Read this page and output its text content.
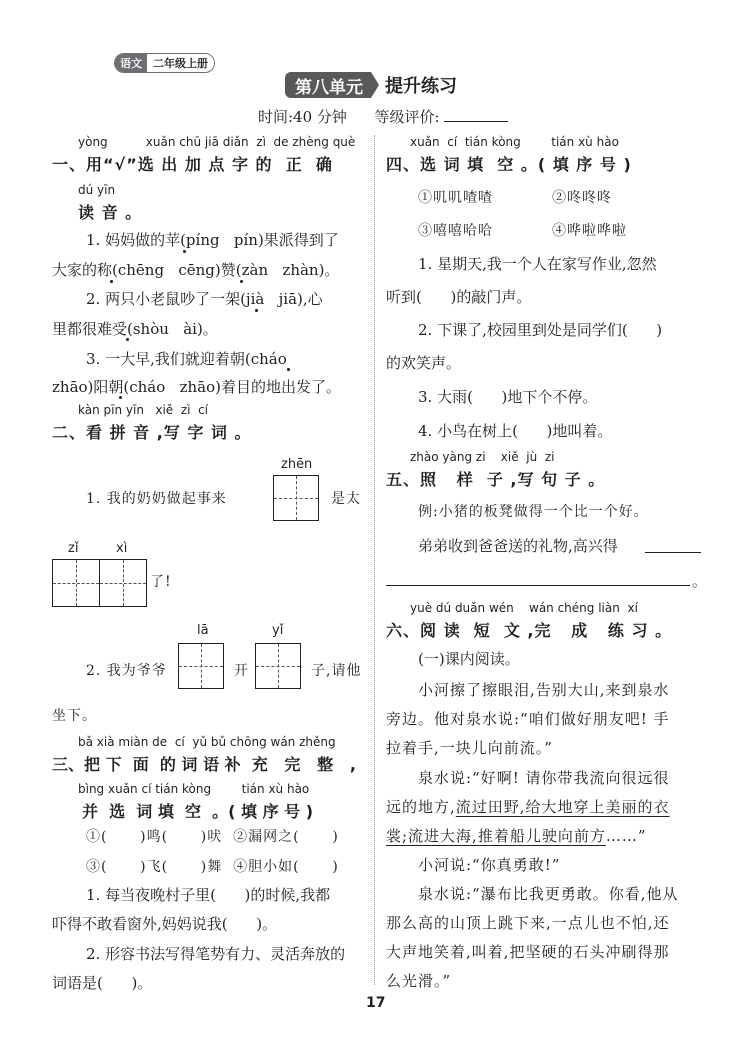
语文	二年级上册
第八单元	提升练习
时间:40 分钟 等级评价:
yòng          xuǎn chū jiā diǎn  zì  de zhèng què
一、用“√”选 出 加 点 字 的  正  确
dú yīn
读 音 。
1. 妈妈做的苹(píng   pín)果派得到了
大家的称(chēng   cēng)赞(zàn   zhàn)。
2. 两只小老鼠吵了一架(jià   jiā),心
里都很难受(shòu   ài)。
3. 一大早,我们就迎着朝(cháo
zhāo)阳朝(cháo   zhāo)着目的地出发了。
kàn pīn yīn   xiě  zì  cí
二、看 拼 音 ,写 字 词 。
zhēn
1. 我的奶奶做起事来	是太
zǐ	xì
了!
lā
2. 我为爷爷	开
yǐ
子,请他
坐下。
bǎ xià miàn de  cí  yǔ bǔ chōng wán zhěng
三、把 下  面  的 词 语 补  充   完   整   ,
bìng xuǎn cí tián kòng        tián xù hào
并  选  词 填  空  。( 填 序 号 )
①(      )鸣(      )吠  ②漏网之(      )
③(      )飞(      )舞  ④胆小如(      )
1. 每当夜晚村子里(      )的时候,我都
吓得不敢看窗外,妈妈说我(      )。
2. 形容书法写得笔势有力、灵活奔放的
词语是(      )。
xuǎn  cí  tián kòng        tián xù hào
四、选 词 填  空 。( 填 序 号 )
①叽叽喳喳	②咚咚咚
③嘻嘻哈哈	④哗啦哗啦
1. 星期天,我一个人在家写作业,忽然
听到(      )的敲门声。
2. 下课了,校园里到处是同学们(      )
的欢笑声。
3. 大雨(      )地下个不停。
4. 小鸟在树上(      )地叫着。
zhào yàng zi    xiě  jù  zi
五、照   样  子 ,写 句 子 。
例:小猪的板凳做得一个比一个好。
弟弟收到爸爸送的礼物,高兴得
。
yuè dú duǎn wén    wán chéng liàn  xí
六、阅 读  短  文 ,完   成   练 习 。
(一)课内阅读。
小河擦了擦眼泪,告别大山,来到泉水
旁边。他对泉水说:“咱们做好朋友吧! 手
拉着手,一块儿向前流。”
泉水说:“好啊! 请你带我流向很远很
远的地方,流过田野,给大地穿上美丽的衣
裳;流进大海,推着船儿驶向前方……”
小河说:“你真勇敢!”
泉水说:“瀑布比我更勇敢。你看,他从
那么高的山顶上跳下来,一点儿也不怕,还
大声地笑着,叫着,把坚硬的石头冲刷得那
么光滑。”
17
